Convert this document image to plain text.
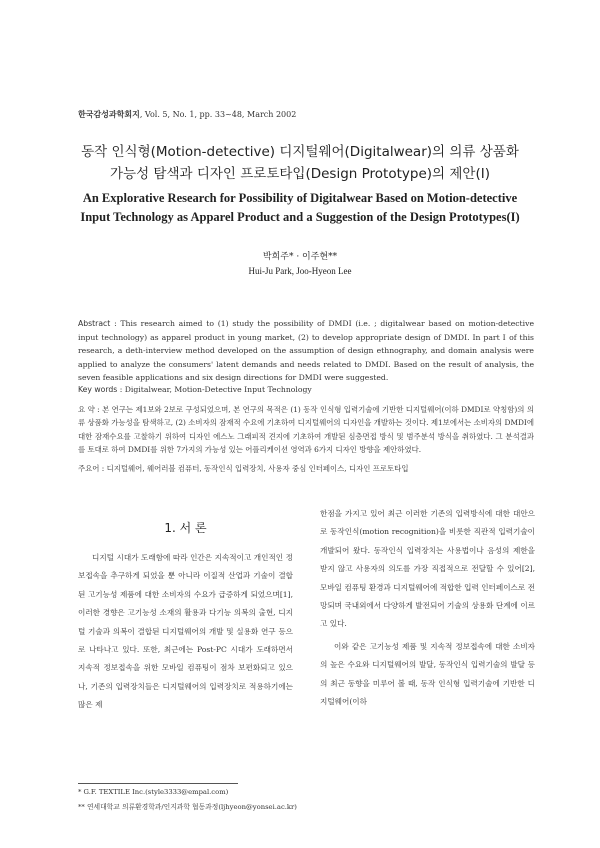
한국감성과학회지, Vol. 5, No. 1, pp. 33~48, March 2002
동작 인식형(Motion-detective) 디지털웨어(Digitalwear)의 의류 상품화
가능성 탐색과 디자인 프로토타입(Design Prototype)의 제안(I)
An Explorative Research for Possibility of Digitalwear Based on Motion-detective
Input Technology as Apparel Product and a Suggestion of the Design Prototypes(I)
박희주* · 이주현**
Hui-Ju Park, Joo-Hyeon Lee
Abstract : This research aimed to (1) study the possibility of DMDI (i.e. ; digitalwear based on motion-detective input technology) as apparel product in young market, (2) to develop appropriate design of DMDI. In part Ⅰ of this research, a deth-interview method developed on the assumption of design ethnography, and domain analysis were applied to analyze the consumers' latent demands and needs related to DMDI. Based on the result of analysis, the seven feasible applications and six design directions for DMDI were suggested.
Key words : Digitalwear, Motion-Detective Input Technology
요 약 : 본 연구는 제1보와 2보로 구성되었으며, 본 연구의 목적은 (1) 동작 인식형 입력기술에 기반한 디지털웨어(이하 DMDI로 약칭함)의 의류 상품화 가능성을 탐색하고, (2) 소비자의 잠재적 수요에 기초하여 디지털웨어의 디자인을 개발하는 것이다. 제1보에서는 소비자의 DMDI에 대한 잠재수요를 고찰하기 위하여 디자인 에스노 그래피적 견지에 기초하여 개발된 심층면접 방식 및 범주분석 방식을 취하였다. 그 분석결과를 토대로 하여 DMDI를 위한 7가지의 가능성 있는 어플리케이션 영역과 6가지 디자인 방향을 제안하였다.
주요어 : 디지털웨어, 웨어러블 컴퓨터, 동작인식 입력장치, 사용자 중심 인터페이스, 디자인 프로토타입
1. 서 론

디지털 시대가 도래함에 따라 인간은 지속적이고 개인적인 정보접속을 추구하게 되었을 뿐 아니라 이질적 산업과 기술이 결합된 고기능성 제품에 대한 소비자의 수요가 급증하게 되었으며[1], 이러한 경향은 고기능성 소재의 활용과 다기능 의복의 출현, 디지털 기술과 의복이 결합된 디지털웨어의 개발 및 실용화 연구 등으로 나타나고 있다. 또한, 최근에는 Post-PC 시대가 도래하면서 지속적 정보접속을 위한 모바일 컴퓨팅이 점차 보편화되고 있으나, 기존의 입력장치들은 디지털웨어의 입력장치로 적용하기에는 많은 제

한점을 가지고 있어 최근 이러한 기존의 입력방식에 대한 대안으로 동작인식(motion recognition)을 비롯한 직관적 입력기술이 개발되어 왔다. 동작인식 입력장치는 사용법이나 음성의 제한을 받지 않고 사용자의 의도를 가장 직접적으로 전달할 수 있어[2], 모바일 컴퓨팅 환경과 디지털웨어에 적합한 입력 인터페이스로 전망되며 국내외에서 다양하게 발전되어 기술의 상용화 단계에 이르고 있다.

이와 같은 고기능성 제품 및 지속적 정보접속에 대한 소비자의 높은 수요와 디지털웨어의 발달, 동작인식 입력기술의 발달 등의 최근 동향을 미루어 볼 때, 동작 인식형 입력기술에 기반한 디지털웨어(이하

* G.F. TEXTILE Inc.(style3333@empal.com)
** 연세대학교 의류환경학과/인지과학 협동과정(ljhyeon@yonsei.ac.kr)
